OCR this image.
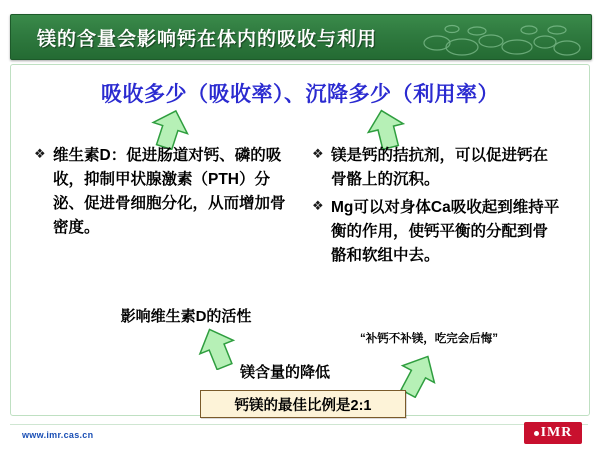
镁的含量会影响钙在体内的吸收与利用
吸收多少（吸收率）、沉降多少（利用率）
❖ 维生素D：促进肠道对钙、磷的吸收，抑制甲状腺激素（PTH）分泌、促进骨细胞分化，从而增加骨密度。
❖ 镁是钙的拮抗剂，可以促进钙在骨骼上的沉积。
❖ Mg可以对身体Ca吸收起到维持平衡的作用，使钙平衡的分配到骨骼和软组中去。
影响维生素D的活性
镁含量的降低
“补钙不补镁，吃完会后悔”
钙镁的最佳比例是2:1
www.imr.cas.cn	IMR
